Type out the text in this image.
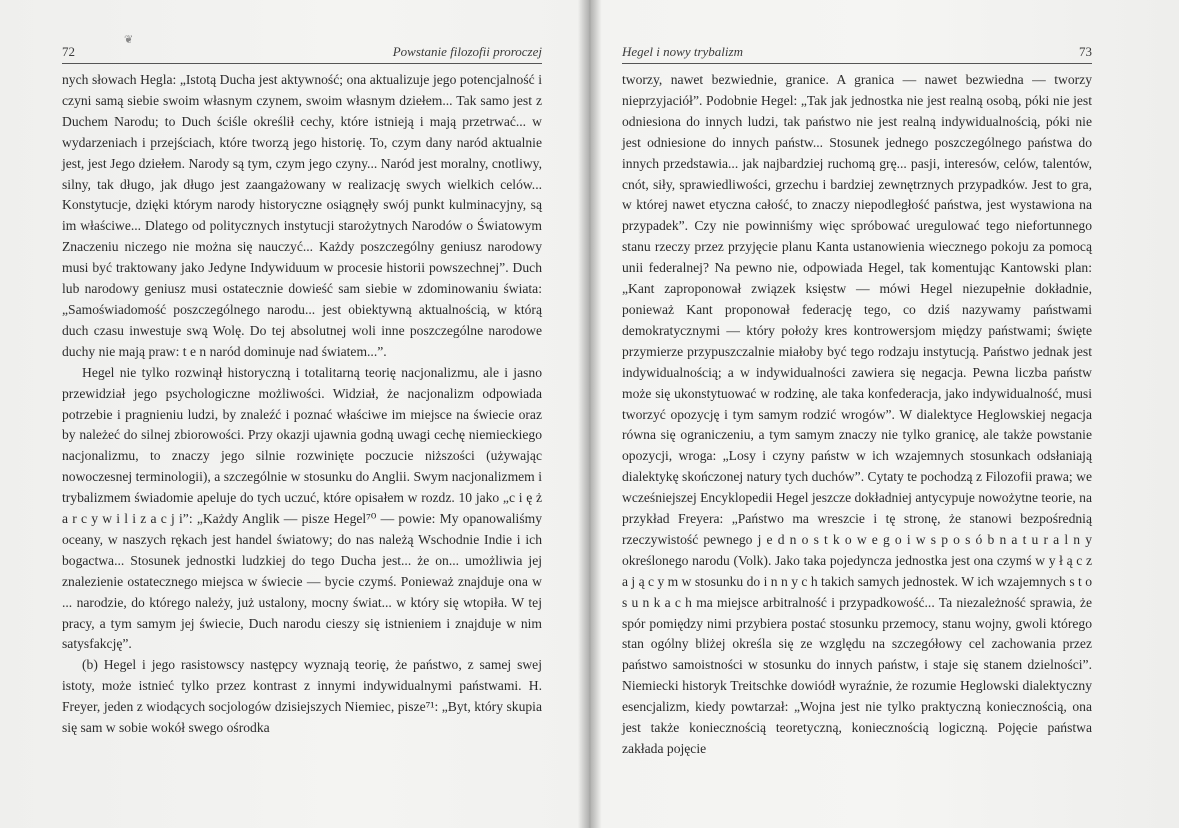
❦
72	Powstanie filozofii proroczej

nych słowach Hegla: „Istotą Ducha jest aktywność; ona aktualizuje jego potencjalność i czyni samą siebie swoim własnym czynem, swoim własnym dziełem... Tak samo jest z Duchem Narodu; to Duch ściśle określił cechy, które istnieją i mają przetrwać... w wydarzeniach i przejściach, które tworzą jego historię. To, czym dany naród aktualnie jest, jest Jego dziełem. Narody są tym, czym jego czyny... Naród jest moralny, cnotliwy, silny, tak długo, jak długo jest zaangażowany w realizację swych wielkich celów... Konstytucje, dzięki którym narody historyczne osiągnęły swój punkt kulminacyjny, są im właściwe... Dlatego od politycznych instytucji starożytnych Narodów o Światowym Znaczeniu niczego nie można się nauczyć... Każdy poszczególny geniusz narodowy musi być traktowany jako Jedyne Indywiduum w procesie historii powszechnej”. Duch lub narodowy geniusz musi ostatecznie dowieść sam siebie w zdominowaniu świata: „Samoświadomość poszczególnego narodu... jest obiektywną aktualnością, w którą duch czasu inwestuje swą Wolę. Do tej absolutnej woli inne poszczególne narodowe duchy nie mają praw: t e n naród dominuje nad światem...”.

Hegel nie tylko rozwinął historyczną i totalitarną teorię nacjonalizmu, ale i jasno przewidział jego psychologiczne możliwości. Widział, że nacjonalizm odpowiada potrzebie i pragnieniu ludzi, by znaleźć i poznać właściwe im miejsce na świecie oraz by należeć do silnej zbiorowości. Przy okazji ujawnia godną uwagi cechę niemieckiego nacjonalizmu, to znaczy jego silnie rozwinięte poczucie niższości (używając nowoczesnej terminologii), a szczególnie w stosunku do Anglii. Swym nacjonalizmem i trybalizmem świadomie apeluje do tych uczuć, które opisałem w rozdz. 10 jako „c i ę ż a r c y w i l i z a c j i”: „Każdy Anglik — pisze Hegel⁷⁰ — powie: My opanowaliśmy oceany, w naszych rękach jest handel światowy; do nas należą Wschodnie Indie i ich bogactwa... Stosunek jednostki ludzkiej do tego Ducha jest... że on... umożliwia jej znalezienie ostatecznego miejsca w świecie — bycie czymś. Ponieważ znajduje ona w ... narodzie, do którego należy, już ustalony, mocny świat... w który się wtopiła. W tej pracy, a tym samym jej świecie, Duch narodu cieszy się istnieniem i znajduje w nim satysfakcję”.

(b) Hegel i jego rasistowscy następcy wyznają teorię, że państwo, z samej swej istoty, może istnieć tylko przez kontrast z innymi indywidualnymi państwami. H. Freyer, jeden z wiodących socjologów dzisiejszych Niemiec, pisze⁷¹: „Byt, który skupia się sam w sobie wokół swego ośrodka

Hegel i nowy trybalizm	73

tworzy, nawet bezwiednie, granice. A granica — nawet bezwiedna — tworzy nieprzyjaciół”. Podobnie Hegel: „Tak jak jednostka nie jest realną osobą, póki nie jest odniesiona do innych ludzi, tak państwo nie jest realną indywidualnością, póki nie jest odniesione do innych państw... Stosunek jednego poszczególnego państwa do innych przedstawia... jak najbardziej ruchomą grę... pasji, interesów, celów, talentów, cnót, siły, sprawiedliwości, grzechu i bardziej zewnętrznych przypadków. Jest to gra, w której nawet etyczna całość, to znaczy niepodległość państwa, jest wystawiona na przypadek”. Czy nie powinniśmy więc spróbować uregulować tego niefortunnego stanu rzeczy przez przyjęcie planu Kanta ustanowienia wiecznego pokoju za pomocą unii federalnej? Na pewno nie, odpowiada Hegel, tak komentując Kantowski plan: „Kant zaproponował związek księstw — mówi Hegel niezupełnie dokładnie, ponieważ Kant proponował federację tego, co dziś nazywamy państwami demokratycznymi — który położy kres kontrowersjom między państwami; święte przymierze przypuszczalnie miałoby być tego rodzaju instytucją. Państwo jednak jest indywidualnością; a w indywidualności zawiera się negacja. Pewna liczba państw może się ukonstytuować w rodzinę, ale taka konfederacja, jako indywidualność, musi tworzyć opozycję i tym samym rodzić wrogów”. W dialektyce Heglowskiej negacja równa się ograniczeniu, a tym samym znaczy nie tylko granicę, ale także powstanie opozycji, wroga: „Losy i czyny państw w ich wzajemnych stosunkach odsłaniają dialektykę skończonej natury tych duchów”. Cytaty te pochodzą z Filozofii prawa; we wcześniejszej Encyklopedii Hegel jeszcze dokładniej antycypuje nowożytne teorie, na przykład Freyera: „Państwo ma wreszcie i tę stronę, że stanowi bezpośrednią rzeczywistość pewnego j e d n o s t k o w e g o i w s p o s ó b n a t u r a l n y określonego narodu (Volk). Jako taka pojedyncza jednostka jest ona czymś w y ł ą c z a j ą c y m w stosunku do i n n y c h takich samych jednostek. W ich wzajemnych s t o s u n k a c h ma miejsce arbitralność i przypadkowość... Ta niezależność sprawia, że spór pomiędzy nimi przybiera postać stosunku przemocy, stanu wojny, gwoli którego stan ogólny bliżej określa się ze względu na szczegółowy cel zachowania przez państwo samoistności w stosunku do innych państw, i staje się stanem dzielności”. Niemiecki historyk Treitschke dowiódł wyraźnie, że rozumie Heglowski dialektyczny esencjalizm, kiedy powtarzał: „Wojna jest nie tylko praktyczną koniecznością, ona jest także koniecznością teoretyczną, koniecznością logiczną. Pojęcie państwa zakłada pojęcie
